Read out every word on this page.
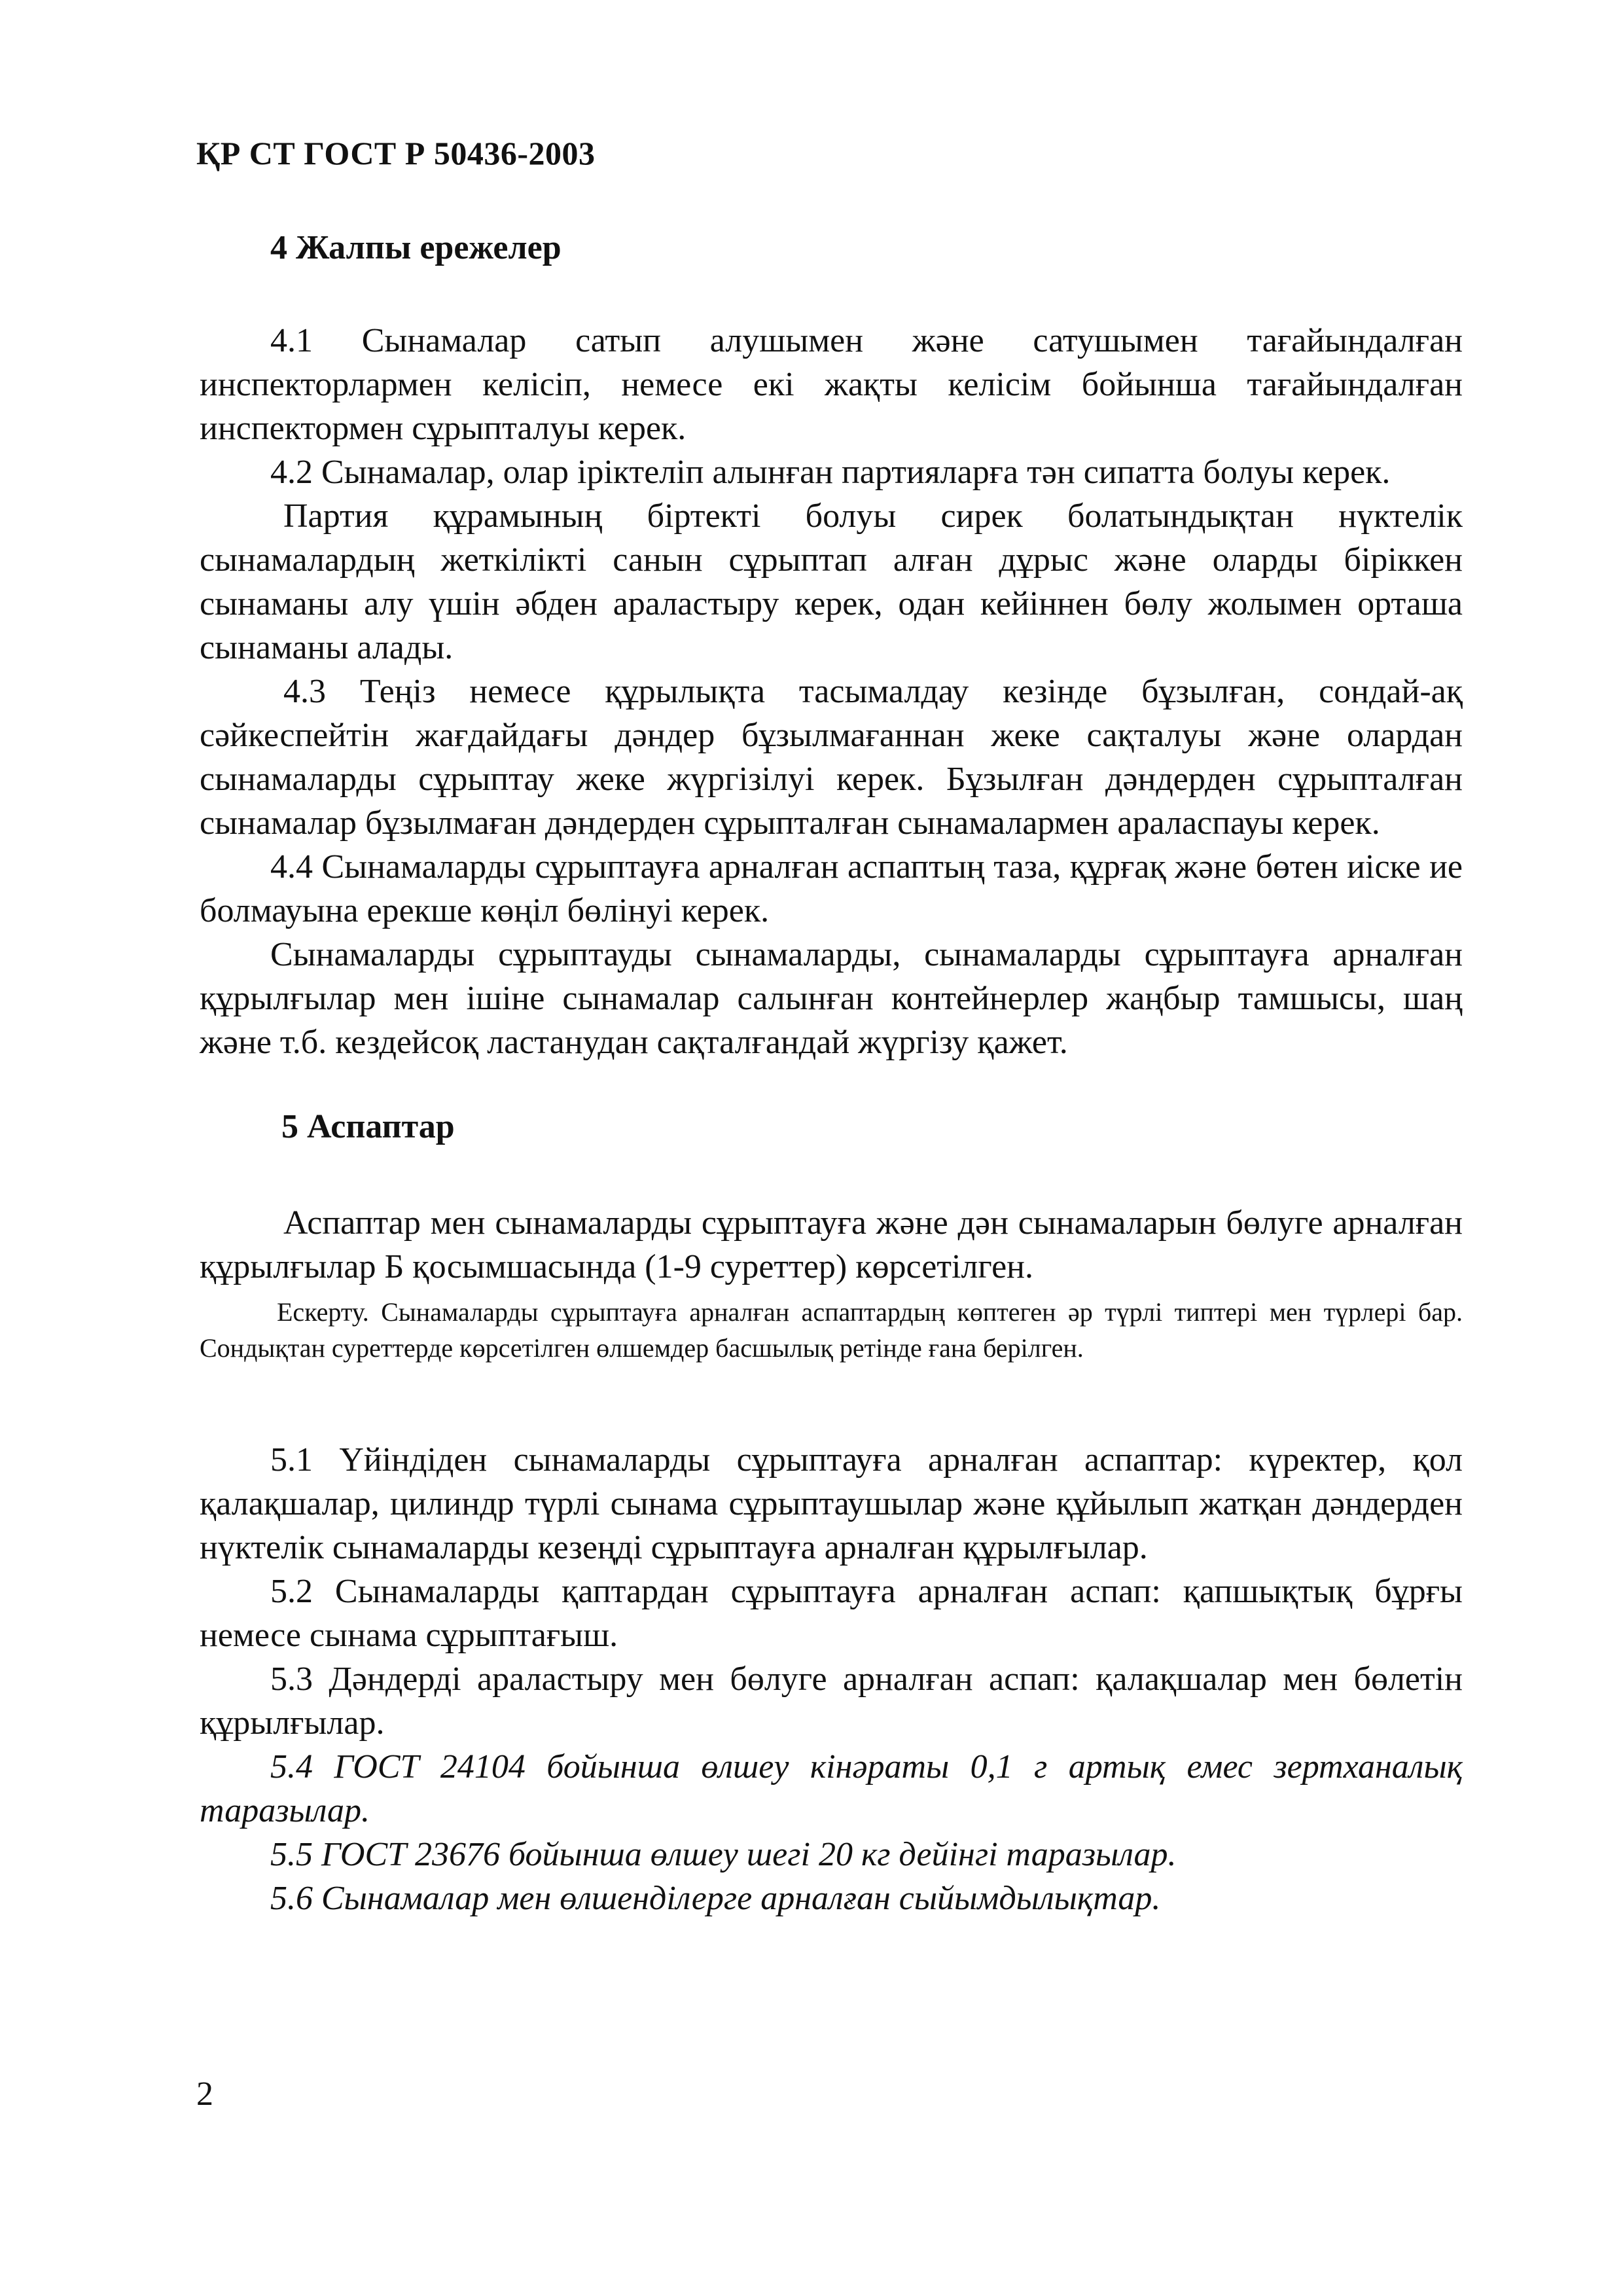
ҚР СТ ГОСТ Р 50436-2003
4 Жалпы ережелер

4.1 Сынамалар сатып алушымен және сатушымен тағайындалған инспекторлармен келісіп, немесе екі жақты келісім бойынша тағайындалған инспектормен сұрыпталуы керек.

4.2 Сынамалар, олар іріктеліп алынған партияларға тән сипатта болуы керек.

Партия құрамының біртекті болуы сирек болатындықтан нүктелік сынамалардың жеткілікті санын сұрыптап алған дұрыс және оларды біріккен сынаманы алу үшін әбден араластыру керек, одан кейіннен бөлу жолымен орташа сынаманы алады.

4.3 Теңіз немесе құрылықта тасымалдау кезінде бұзылған, сондай-ақ сәйкеспейтін жағдайдағы дәндер бұзылмағаннан жеке сақталуы және олардан сынамаларды сұрыптау жеке жүргізілуі керек. Бұзылған дәндерден сұрыпталған сынамалар бұзылмаған дәндерден сұрыпталған сынамалармен араласпауы керек.

4.4 Сынамаларды сұрыптауға арналған аспаптың таза, құрғақ және бөтен иіске ие болмауына ерекше көңіл бөлінуі керек.

Сынамаларды сұрыптауды сынамаларды, сынамаларды сұрыптауға арналған құрылғылар мен ішіне сынамалар салынған контейнерлер жаңбыр тамшысы, шаң және т.б. кездейсоқ ластанудан сақталғандай жүргізу қажет.

5 Аспаптар

Аспаптар мен сынамаларды сұрыптауға және дән сынамаларын бөлуге арналған құрылғылар Б қосымшасында (1-9 суреттер) көрсетілген.

Ескерту. Сынамаларды сұрыптауға арналған аспаптардың көптеген әр түрлі типтері мен түрлері бар. Сондықтан суреттерде көрсетілген өлшемдер басшылық ретінде ғана берілген.

5.1 Үйіндіден сынамаларды сұрыптауға арналған аспаптар: күректер, қол қалақшалар, цилиндр түрлі сынама сұрыптаушылар және құйылып жатқан дәндерден нүктелік сынамаларды кезеңді сұрыптауға арналған құрылғылар.

5.2 Сынамаларды қаптардан сұрыптауға арналған аспап: қапшықтық бұрғы немесе сынама сұрыптағыш.

5.3 Дәндерді араластыру мен бөлуге арналған аспап: қалақшалар мен бөлетін құрылғылар.

5.4 ГОСТ 24104 бойынша өлшеу кінәраты 0,1 г артық емес зертханалық таразылар.

5.5 ГОСТ 23676 бойынша өлшеу шегі 20 кг дейінгі таразылар.

5.6 Сынамалар мен өлшенділерге арналған сыйымдылықтар.

2
